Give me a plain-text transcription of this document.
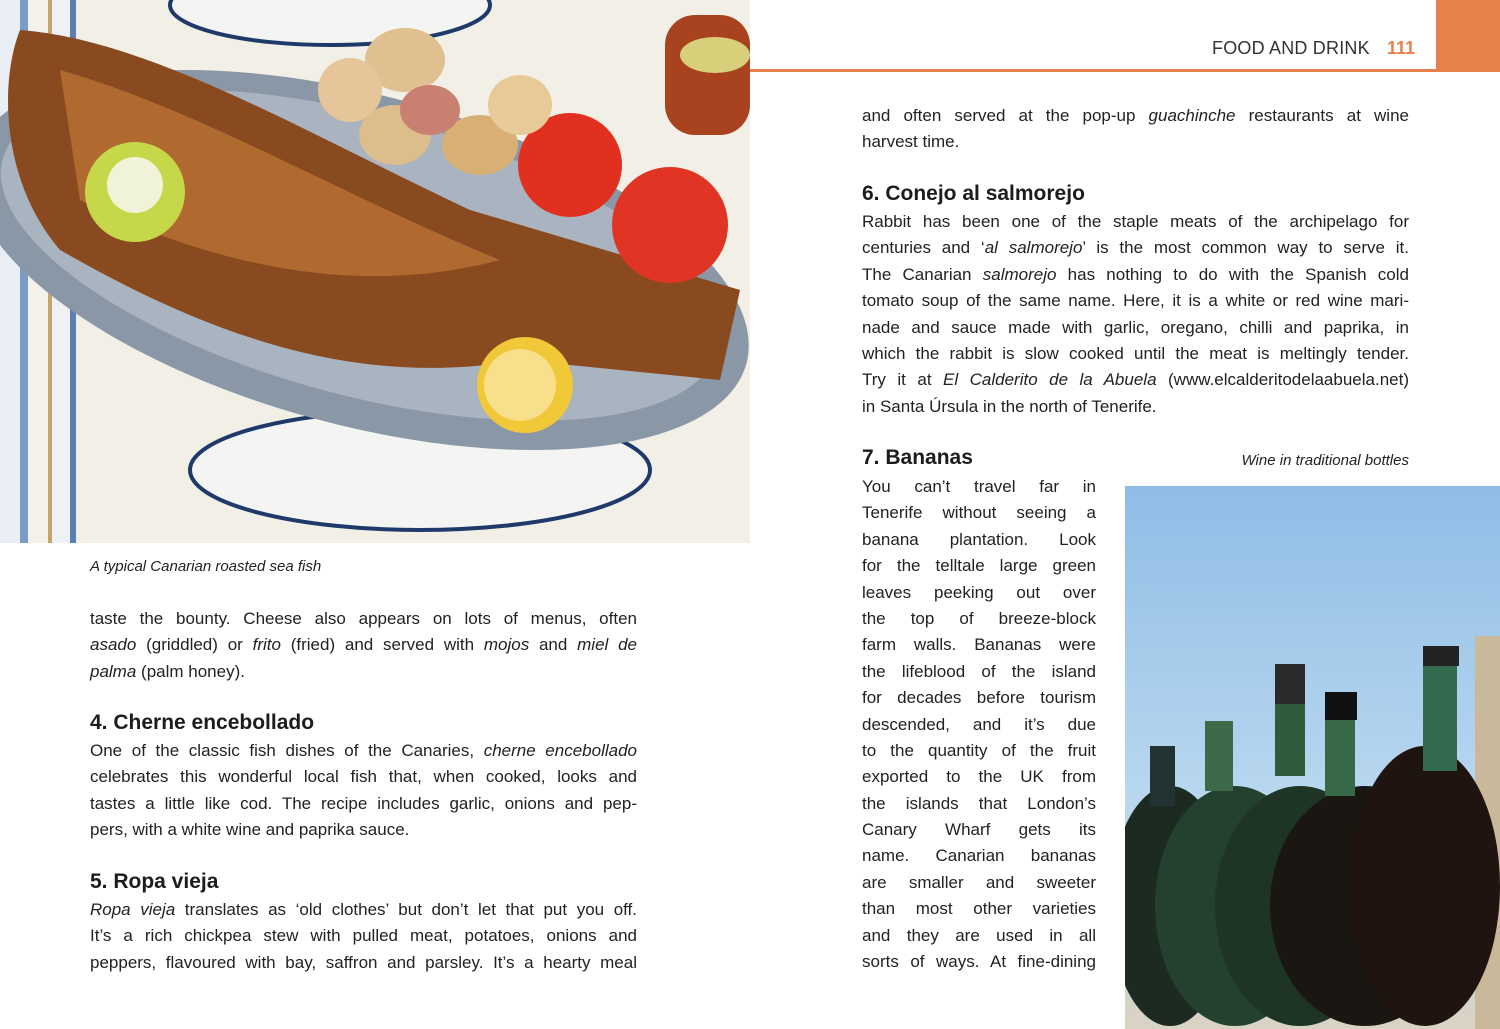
A typical Canarian roasted sea fish
FOOD AND DRINK 111
taste the bounty. Cheese also appears on lots of menus, often
asado (griddled) or frito (fried) and served with mojos and miel de
palma (palm honey).
4. Cherne encebollado
One of the classic fish dishes of the Canaries, cherne encebollado
celebrates this wonderful local fish that, when cooked, looks and
tastes a little like cod. The recipe includes garlic, onions and pep-
pers, with a white wine and paprika sauce.
5. Ropa vieja
Ropa vieja translates as ‘old clothes’ but don’t let that put you off.
It’s a rich chickpea stew with pulled meat, potatoes, onions and
peppers, flavoured with bay, saffron and parsley. It’s a hearty meal
and often served at the pop-up guachinche restaurants at wine
harvest time.
6. Conejo al salmorejo
Rabbit has been one of the staple meats of the archipelago for
centuries and ‘al salmorejo’ is the most common way to serve it.
The Canarian salmorejo has nothing to do with the Spanish cold
tomato soup of the same name. Here, it is a white or red wine mari-
nade and sauce made with garlic, oregano, chilli and paprika, in
which the rabbit is slow cooked until the meat is meltingly tender.
Try it at El Calderito de la Abuela (www.elcalderitodelaabuela.net)
in Santa Úrsula in the north of Tenerife.
7. Bananas	Wine in traditional bottles
You can’t travel far in
Tenerife without seeing a
banana plantation. Look
for the telltale large green
leaves peeking out over
the top of breeze-block
farm walls. Bananas were
the lifeblood of the island
for decades before tourism
descended, and it’s due
to the quantity of the fruit
exported to the UK from
the islands that London’s
Canary Wharf gets its
name. Canarian bananas
are smaller and sweeter
than most other varieties
and they are used in all
sorts of ways. At fine-dining
